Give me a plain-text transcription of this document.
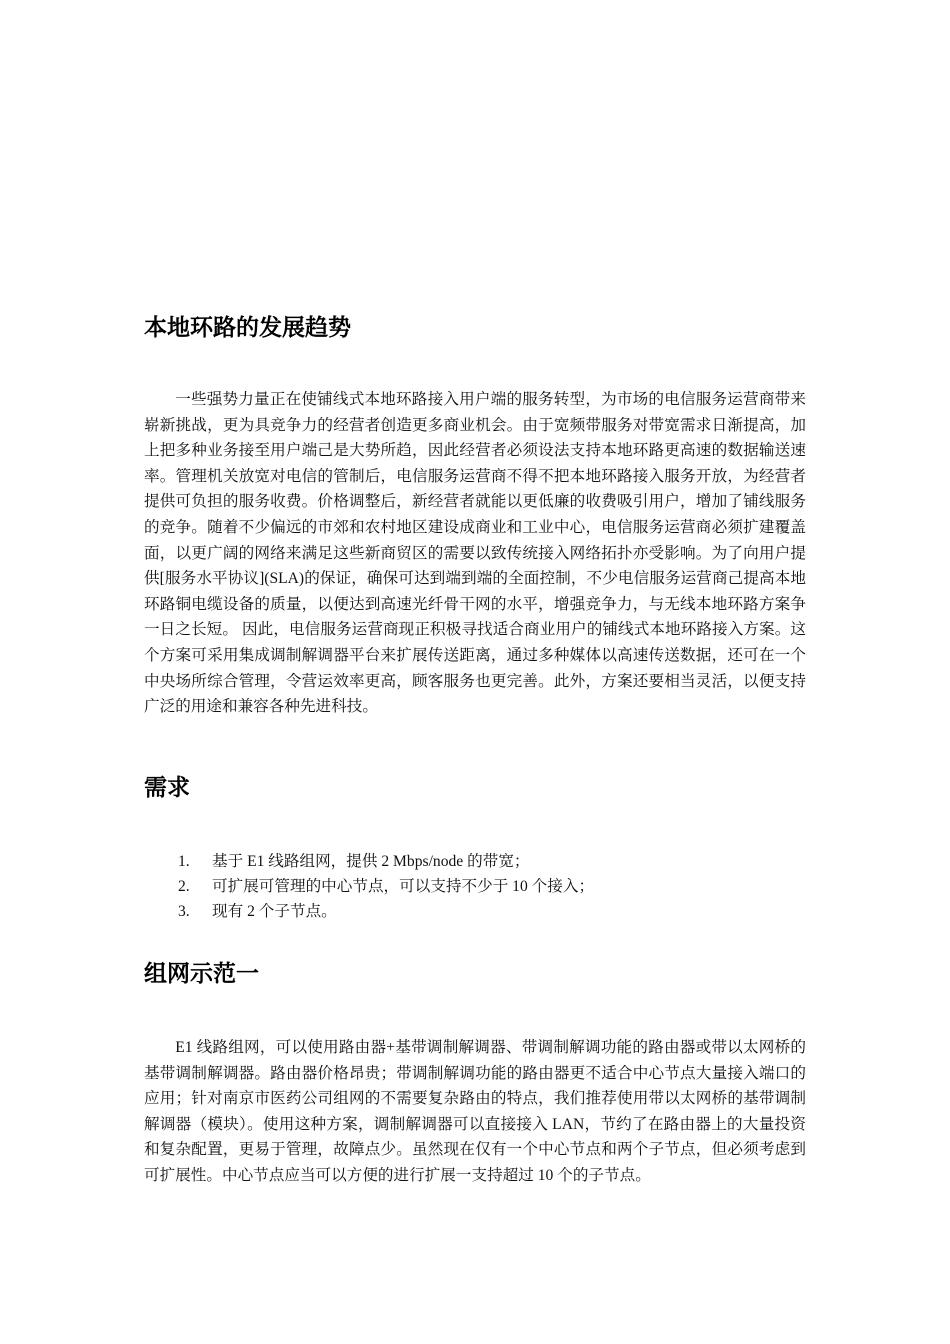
本地环路的发展趋势

一些强势力量正在使铺线式本地环路接入用户端的服务转型，为市场的电信服务运营商带来崭新挑战，更为具竞争力的经营者创造更多商业机会。由于宽频带服务对带宽需求日渐提高，加上把多种业务接至用户端己是大势所趋，因此经营者必须设法支持本地环路更高速的数据输送速率。管理机关放宽对电信的管制后，电信服务运营商不得不把本地环路接入服务开放，为经营者提供可负担的服务收费。价格调整后，新经营者就能以更低廉的收费吸引用户，增加了铺线服务的竞争。随着不少偏远的市郊和农村地区建设成商业和工业中心，电信服务运营商必须扩建覆盖面，以更广阔的网络来满足这些新商贸区的需要以致传统接入网络拓扑亦受影响。为了向用户提供[服务水平协议](SLA)的保证，确保可达到端到端的全面控制，不少电信服务运营商己提高本地环路铜电缆设备的质量，以便达到高速光纤骨干网的水平，增强竞争力，与无线本地环路方案争一日之长短。 因此，电信服务运营商现正积极寻找适合商业用户的铺线式本地环路接入方案。这个方案可采用集成调制解调器平台来扩展传送距离，通过多种媒体以高速传送数据，还可在一个中央场所综合管理，令营运效率更高，顾客服务也更完善。此外，方案还要相当灵活，以便支持广泛的用途和兼容各种先进科技。

需求
1. 基于 E1 线路组网，提供 2 Mbps/node 的带宽；
2. 可扩展可管理的中心节点，可以支持不少于 10 个接入；
3. 现有 2 个子节点。
组网示范一

E1 线路组网，可以使用路由器+基带调制解调器、带调制解调功能的路由器或带以太网桥的基带调制解调器。路由器价格昂贵；带调制解调功能的路由器更不适合中心节点大量接入端口的应用；针对南京市医药公司组网的不需要复杂路由的特点，我们推荐使用带以太网桥的基带调制解调器（模块）。使用这种方案，调制解调器可以直接接入 LAN，节约了在路由器上的大量投资和复杂配置，更易于管理，故障点少。虽然现在仅有一个中心节点和两个子节点，但必须考虑到可扩展性。中心节点应当可以方便的进行扩展一支持超过 10 个的子节点。
